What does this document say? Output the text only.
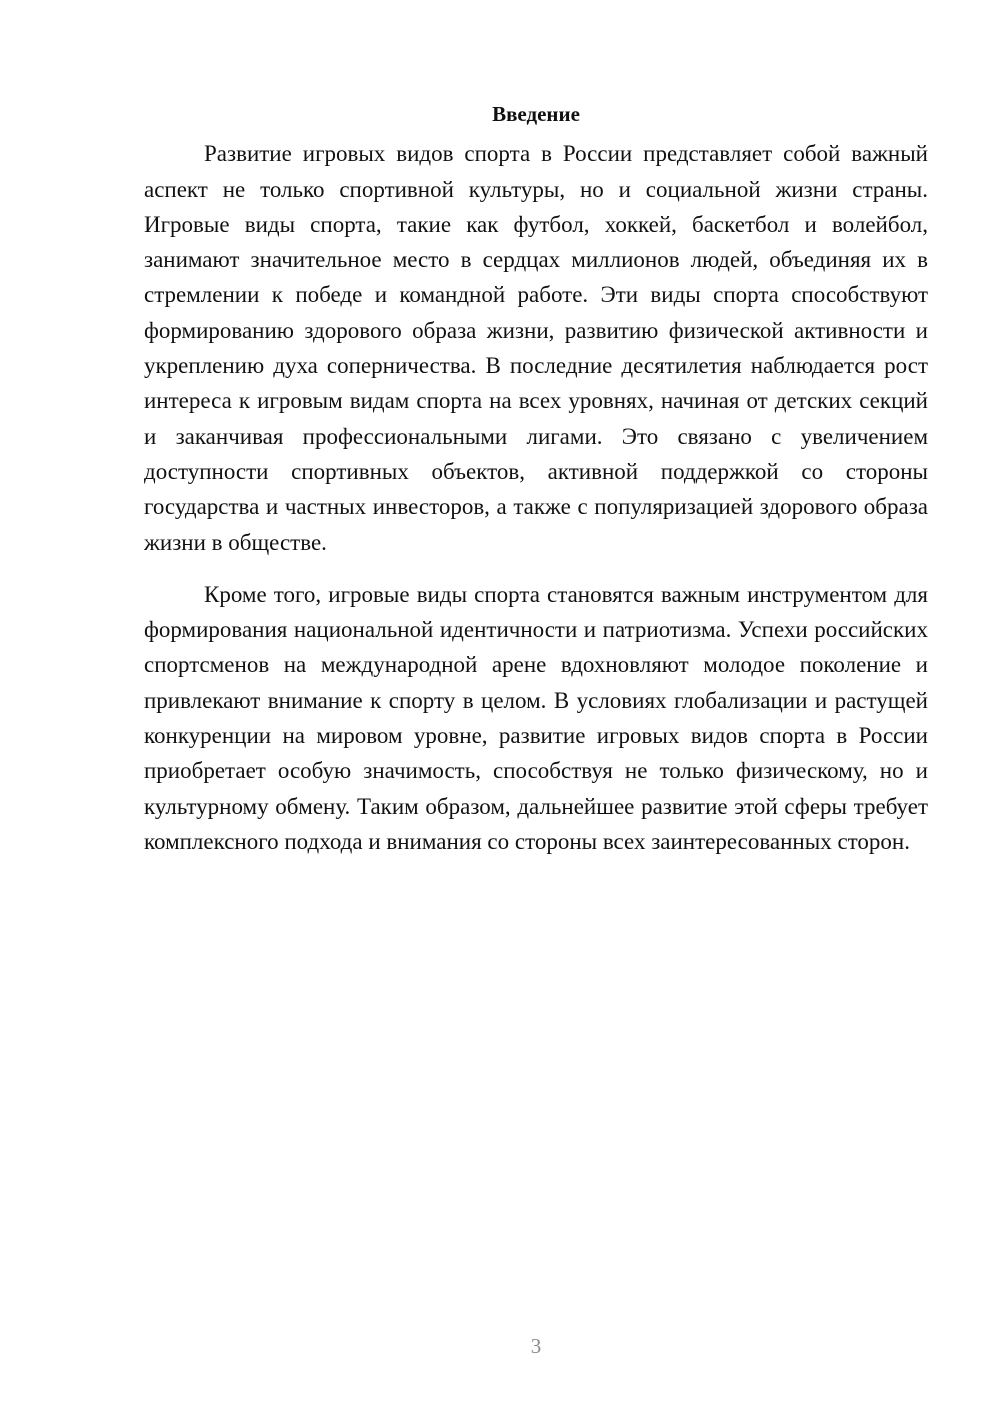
Введение

Развитие игровых видов спорта в России представляет собой важный аспект не только спортивной культуры, но и социальной жизни страны. Игровые виды спорта, такие как футбол, хоккей, баскетбол и волейбол, занимают значительное место в сердцах миллионов людей, объединяя их в стремлении к победе и командной работе. Эти виды спорта способствуют формированию здорового образа жизни, развитию физической активности и укреплению духа соперничества. В последние десятилетия наблюдается рост интереса к игровым видам спорта на всех уровнях, начиная от детских секций и заканчивая профессиональными лигами. Это связано с увеличением доступности спортивных объектов, активной поддержкой со стороны государства и частных инвесторов, а также с популяризацией здорового образа жизни в обществе.

Кроме того, игровые виды спорта становятся важным инструментом для формирования национальной идентичности и патриотизма. Успехи российских спортсменов на международной арене вдохновляют молодое поколение и привлекают внимание к спорту в целом. В условиях глобализации и растущей конкуренции на мировом уровне, развитие игровых видов спорта в России приобретает особую значимость, способствуя не только физическому, но и культурному обмену. Таким образом, дальнейшее развитие этой сферы требует комплексного подхода и внимания со стороны всех заинтересованных сторон.

3
